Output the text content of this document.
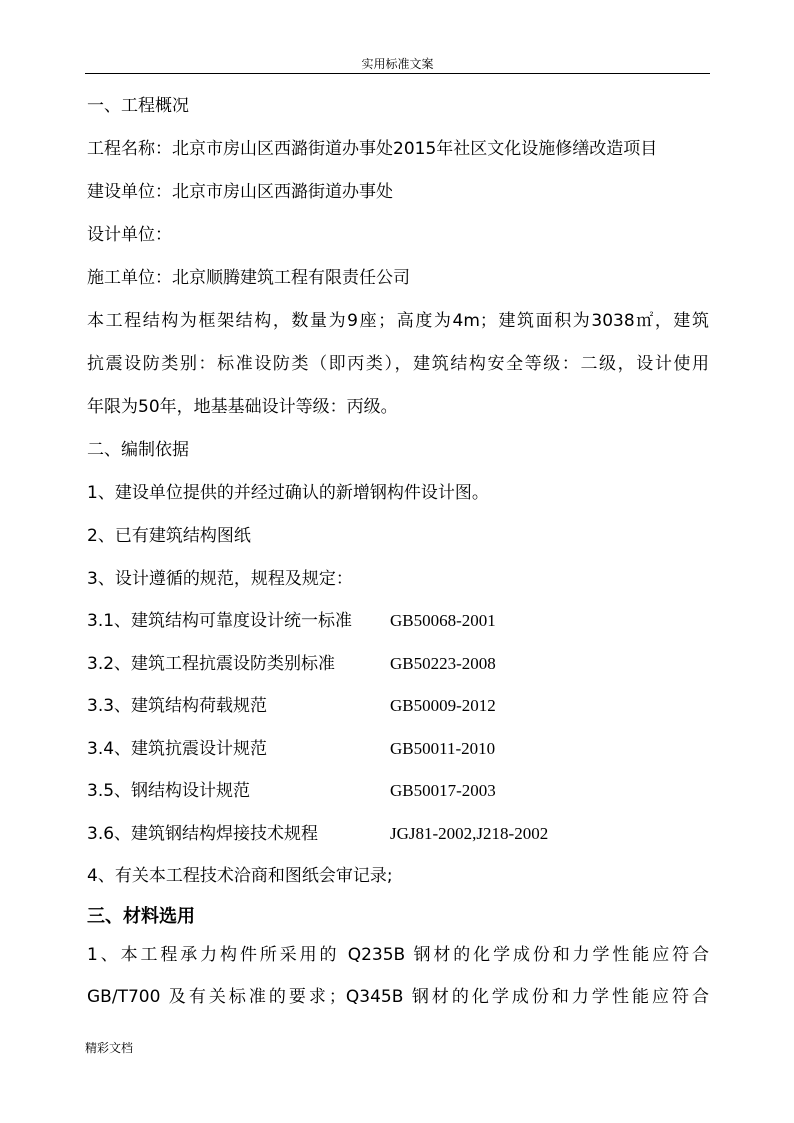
实用标准文案
一、工程概况
工程名称：北京市房山区西潞街道办事处2015年社区文化设施修缮改造项目
建设单位：北京市房山区西潞街道办事处
设计单位：
施工单位：北京顺腾建筑工程有限责任公司
本工程结构为框架结构，数量为9座；高度为4m；建筑面积为3038㎡，建筑
抗震设防类别：标准设防类（即丙类），建筑结构安全等级：二级，设计使用
年限为50年，地基基础设计等级：丙级。
二、编制依据
1、建设单位提供的并经过确认的新增钢构件设计图。
2、已有建筑结构图纸
3、设计遵循的规范，规程及规定：
3.1、建筑结构可靠度设计统一标准 GB50068-2001
3.2、建筑工程抗震设防类别标准	GB50223-2008
3.3、建筑结构荷载规范	GB50009-2012
3.4、建筑抗震设计规范	GB50011-2010
3.5、钢结构设计规范	GB50017-2003
3.6、建筑钢结构焊接技术规程	JGJ81-2002,J218-2002
4、有关本工程技术洽商和图纸会审记录;
三、材料选用
1、本工程承力构件所采用的 Q235B 钢材的化学成份和力学性能应符合
GB/T700 及有关标准的要求；Q345B 钢材的化学成份和力学性能应符合
精彩文档
